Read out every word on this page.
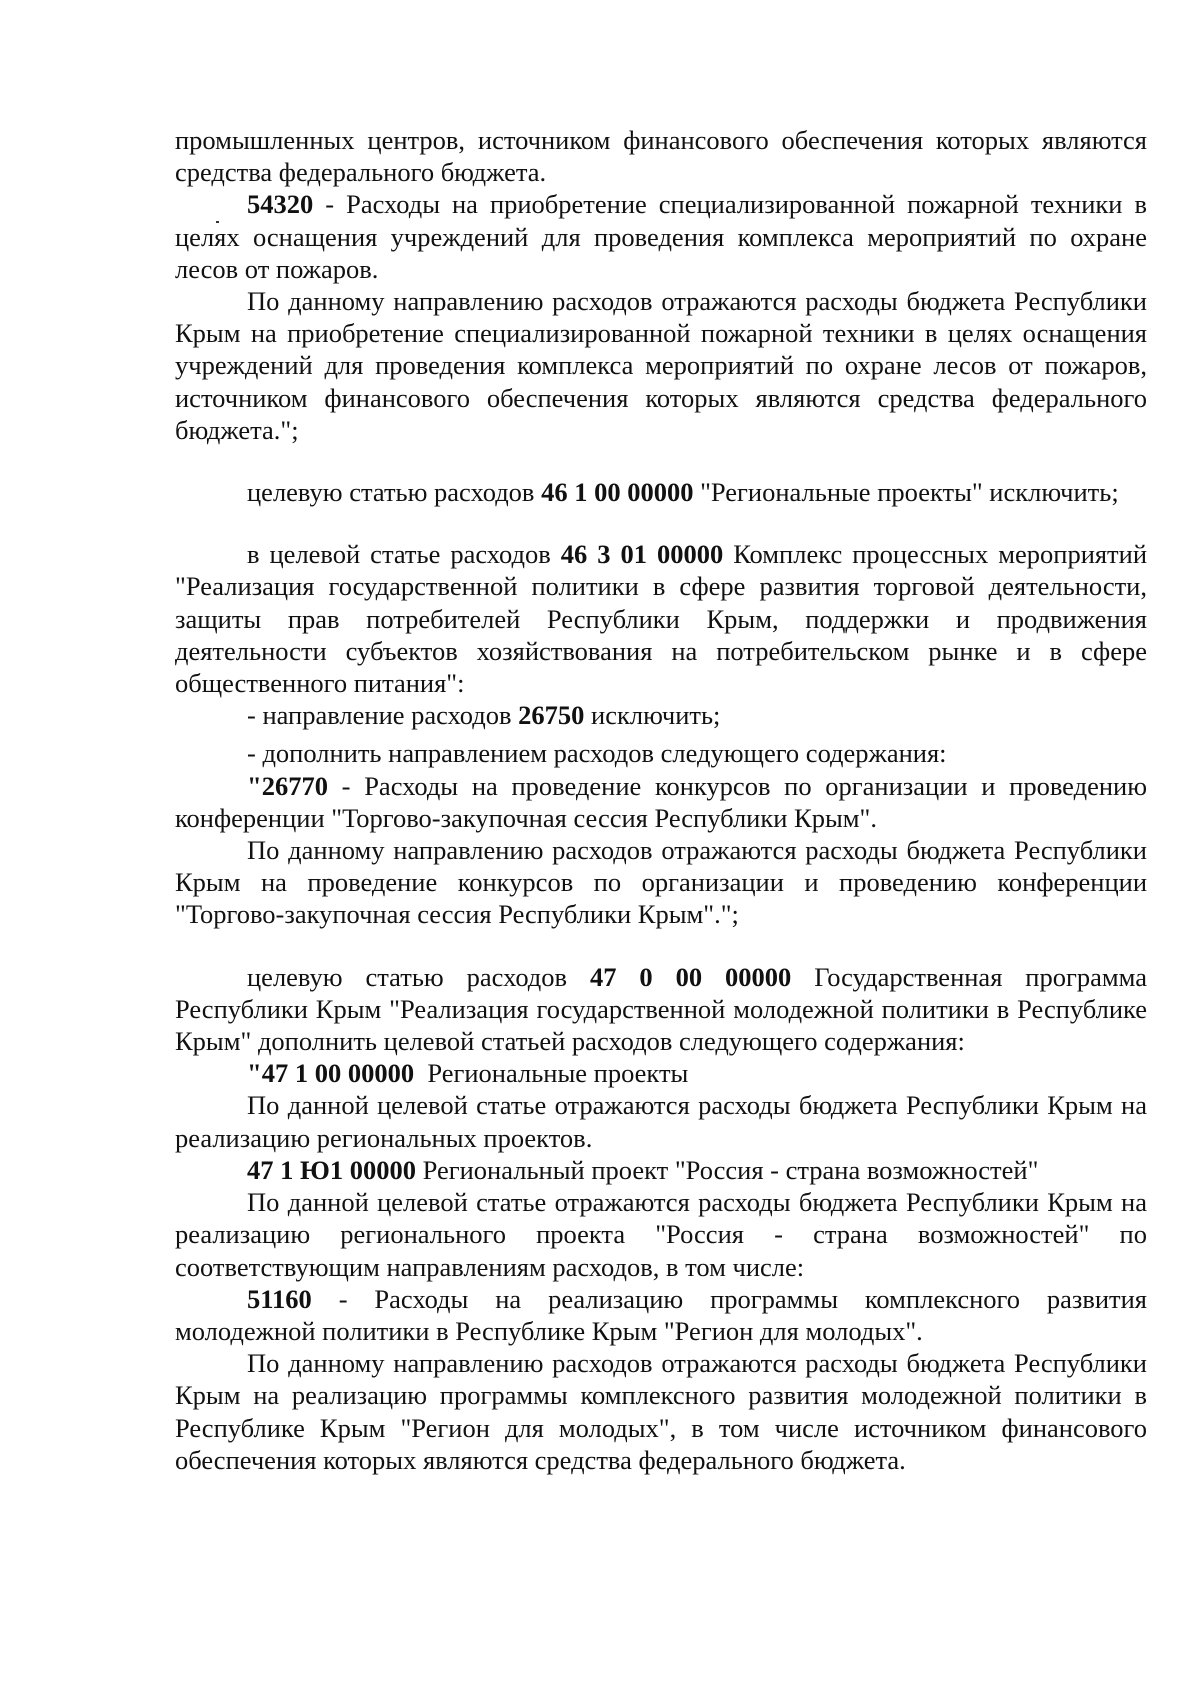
промышленных центров, источником финансового обеспечения которых являются средства федерального бюджета.

54320 - Расходы на приобретение специализированной пожарной техники в целях оснащения учреждений для проведения комплекса мероприятий по охране лесов от пожаров.

По данному направлению расходов отражаются расходы бюджета Республики Крым на приобретение специализированной пожарной техники в целях оснащения учреждений для проведения комплекса мероприятий по охране лесов от пожаров, источником финансового обеспечения которых являются средства федерального бюджета.";

целевую статью расходов 46 1 00 00000 "Региональные проекты" исключить;

в целевой статье расходов 46 3 01 00000 Комплекс процессных мероприятий "Реализация государственной политики в сфере развития торговой деятельности, защиты прав потребителей Республики Крым, поддержки и продвижения деятельности субъектов хозяйствования на потребительском рынке и в сфере общественного питания":

- направление расходов 26750 исключить;

- дополнить направлением расходов следующего содержания:

"26770 - Расходы на проведение конкурсов по организации и проведению конференции "Торгово-закупочная сессия Республики Крым".

По данному направлению расходов отражаются расходы бюджета Республики Крым на проведение конкурсов по организации и проведению конференции "Торгово-закупочная сессия Республики Крым".";

целевую статью расходов 47 0 00 00000 Государственная программа Республики Крым "Реализация государственной молодежной политики в Республике Крым" дополнить целевой статьей расходов следующего содержания:

"47 1 00 00000  Региональные проекты

По данной целевой статье отражаются расходы бюджета Республики Крым на реализацию региональных проектов.

47 1 Ю1 00000 Региональный проект "Россия - страна возможностей"

По данной целевой статье отражаются расходы бюджета Республики Крым на реализацию регионального проекта "Россия - страна возможностей" по соответствующим направлениям расходов, в том числе:

51160 - Расходы на реализацию программы комплексного развития молодежной политики в Республике Крым "Регион для молодых".

По данному направлению расходов отражаются расходы бюджета Республики Крым на реализацию программы комплексного развития молодежной политики в Республике Крым "Регион для молодых", в том числе источником финансового обеспечения которых являются средства федерального бюджета.
